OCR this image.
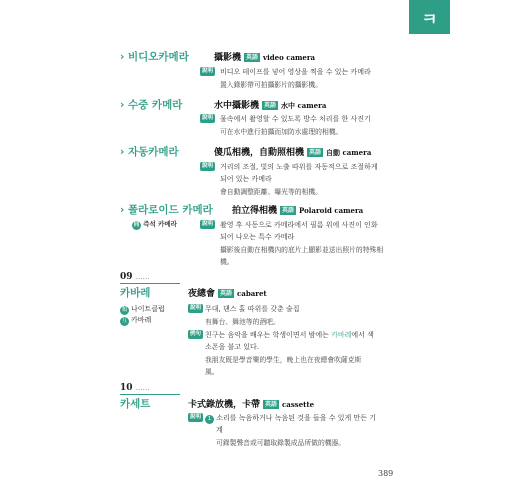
ㅋ
› 비디오카메라	攝影機 英語 video camera
說明 비디오 테이프를 넣어 영상을 찍을 수 있는 카메라
置入錄影帶可拍攝影片的攝影機。
› 수중 카메라	水中攝影機 英語 水中 camera
說明 물속에서 촬영할 수 있도록 방수 처리를 한 사진기
可在水中進行拍攝而加防水處理的相機。
› 자동카메라	傻瓜相機，自動照相機 英語 自動 camera
說明 거리의 조절, 빛의 노출 따위를 자동적으로 조절하게
되어 있는 카메라
會自動調整距離、曝光等的相機。
› 폴라로이드 카메라 拍立得相機 英語 Polaroid camera
同 즉석 카메라	說明 촬영 후 사동으로 카메라에서 필름 위에 사진이 인화
되어 나오는 특수 카메라
攝影後自動在相機內的底片上顯影並送出照片的特殊相
機。
09 ……
카바레	夜總會 英語 cabaret
類 나이트클럽
互 카바레
說明 무대, 댄스 홀 따위를 갖춘 술집
有舞台、舞池等的酒吧。
例句 친구는 음악을 배우는 학생이면서 밤에는 카바레에서 색
소폰을 불고 있다.
我朋友既是學音樂的學生，晚上也在夜總會吹薩克斯
風。
10 ……
카세트	卡式錄放機，卡帶 英語 cassette
說明	1 소리를 녹음하거나 녹음된 것을 들을 수 있게 만든 기
계
可錄製聲音或可聽取錄製成品所做的機器。
389
